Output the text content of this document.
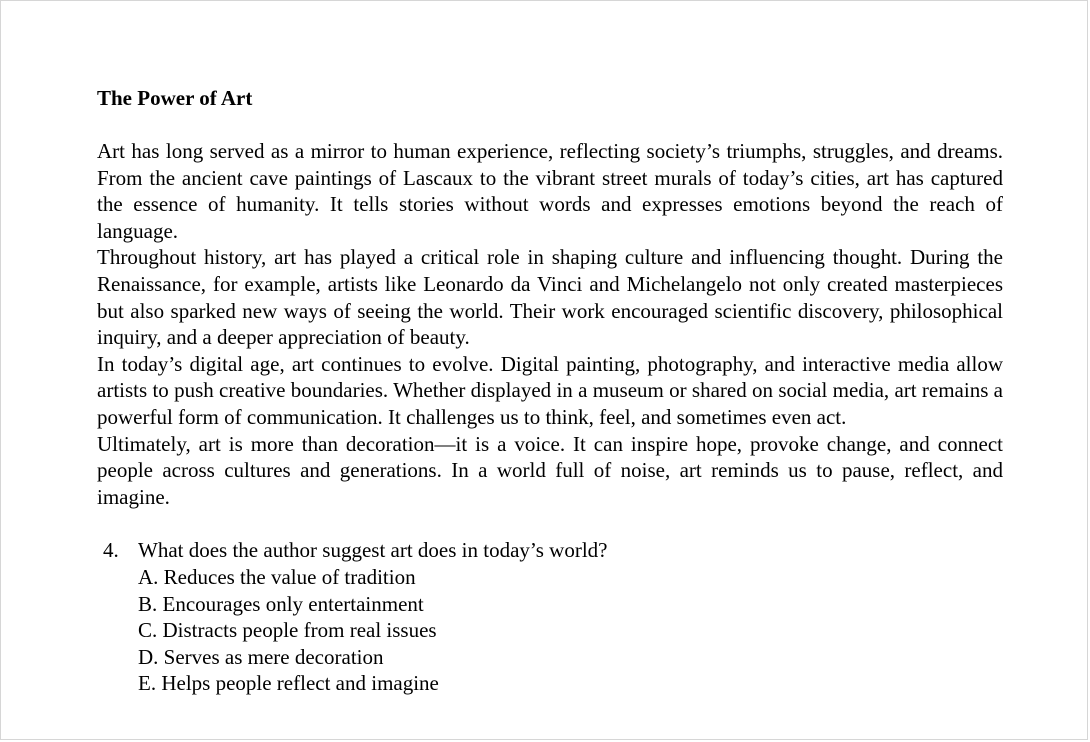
The Power of Art

Art has long served as a mirror to human experience, reflecting society’s triumphs, struggles, and dreams. From the ancient cave paintings of Lascaux to the vibrant street murals of today’s cities, art has captured the essence of humanity. It tells stories without words and expresses emotions beyond the reach of language.

Throughout history, art has played a critical role in shaping culture and influencing thought. During the Renaissance, for example, artists like Leonardo da Vinci and Michelangelo not only created masterpieces but also sparked new ways of seeing the world. Their work encouraged scientific discovery, philosophical inquiry, and a deeper appreciation of beauty.

In today’s digital age, art continues to evolve. Digital painting, photography, and interactive media allow artists to push creative boundaries. Whether displayed in a museum or shared on social media, art remains a powerful form of communication. It challenges us to think, feel, and sometimes even act.

Ultimately, art is more than decoration—it is a voice. It can inspire hope, provoke change, and connect people across cultures and generations. In a world full of noise, art reminds us to pause, reflect, and imagine.

4. What does the author suggest art does in today’s world?
A. Reduces the value of tradition
B. Encourages only entertainment
C. Distracts people from real issues
D. Serves as mere decoration
E. Helps people reflect and imagine
